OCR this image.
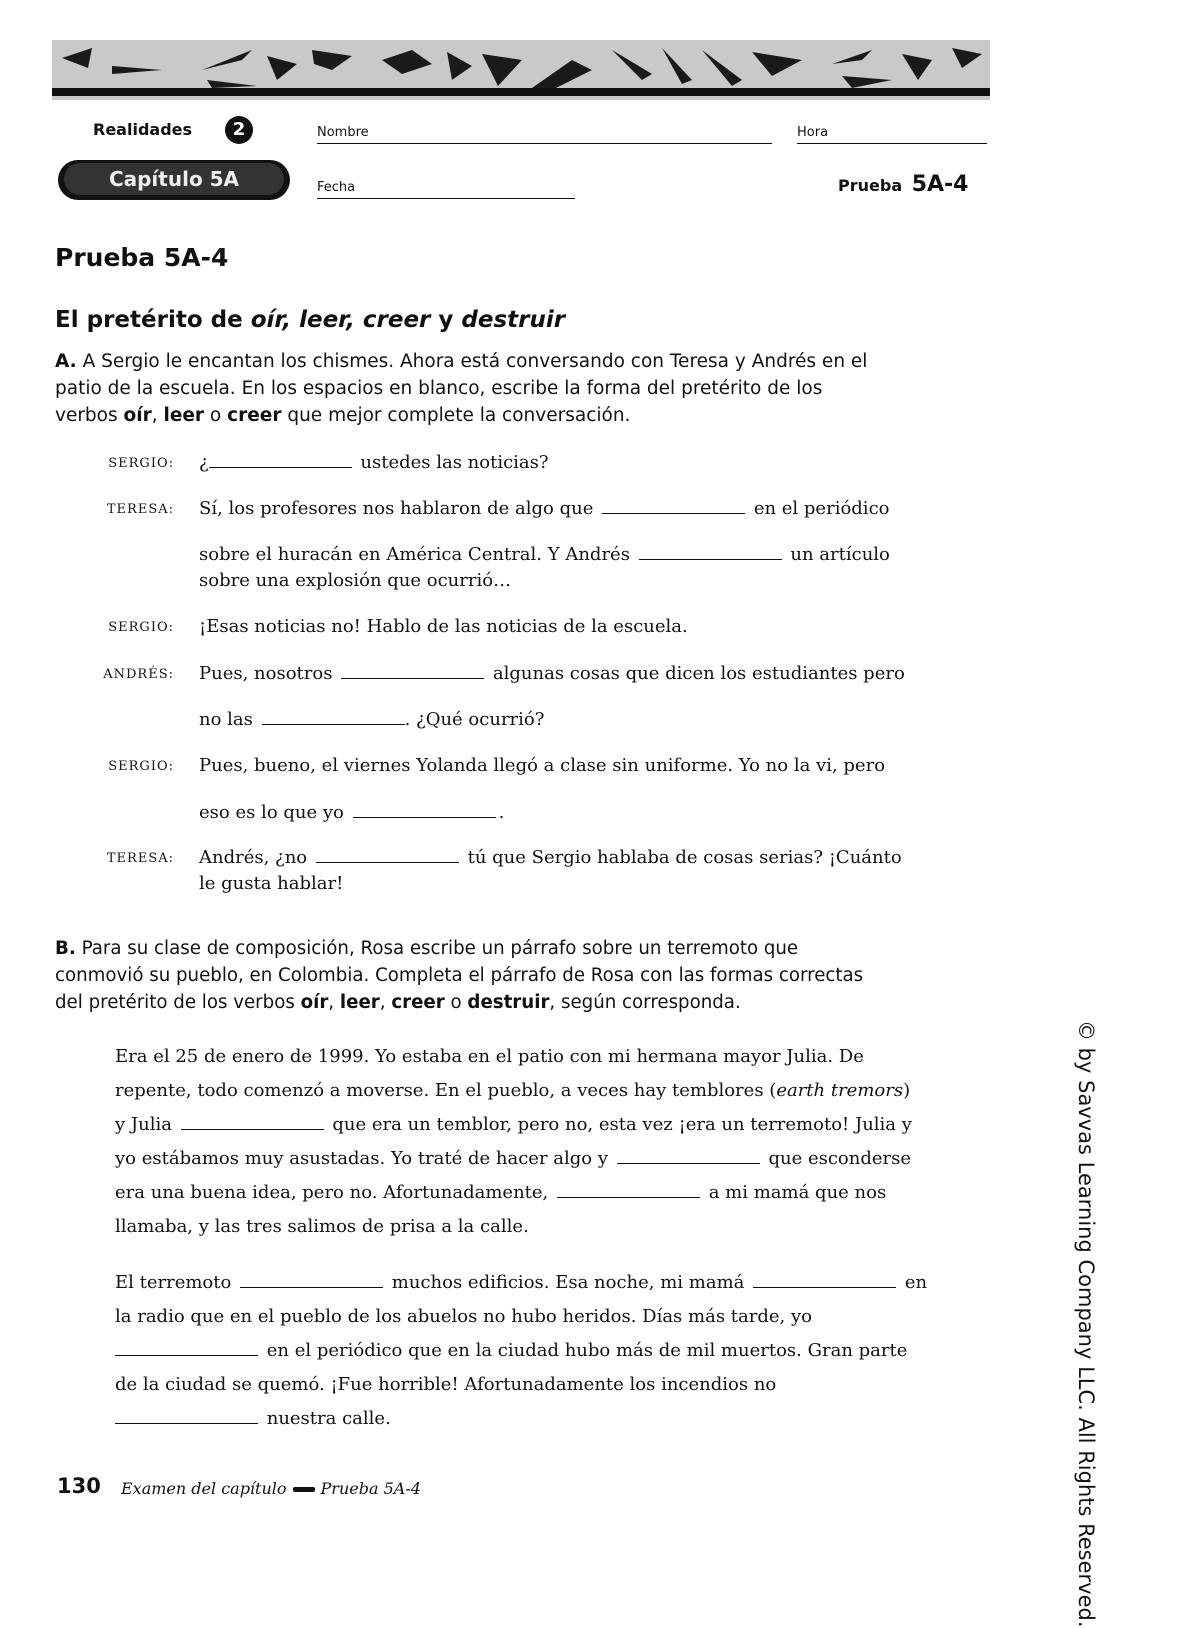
Realidades	2
Capítulo 5A
Nombre	Hora
Fecha	Prueba 5A-4
Prueba 5A-4
El pretérito de oír, leer, creer y destruir
A. A Sergio le encantan los chismes. Ahora está conversando con Teresa y Andrés en el
patio de la escuela. En los espacios en blanco, escribe la forma del pretérito de los
verbos oír, leer o creer que mejor complete la conversación.
SERGIO: ¿	ustedes las noticias?
TERESA: Sí, los profesores nos hablaron de algo que	en el periódico
sobre el huracán en América Central. Y Andrés	un artículo
sobre una explosión que ocurrió…
SERGIO: ¡Esas noticias no! Hablo de las noticias de la escuela.
ANDRÉS: Pues, nosotros	algunas cosas que dicen los estudiantes pero
no las	. ¿Qué ocurrió?
SERGIO: Pues, bueno, el viernes Yolanda llegó a clase sin uniforme. Yo no la vi, pero
eso es lo que yo	.
TERESA: Andrés, ¿no	tú que Sergio hablaba de cosas serias? ¡Cuánto
le gusta hablar!
B. Para su clase de composición, Rosa escribe un párrafo sobre un terremoto que
conmovió su pueblo, en Colombia. Completa el párrafo de Rosa con las formas correctas
del pretérito de los verbos oír, leer, creer o destruir, según corresponda.
Era el 25 de enero de 1999. Yo estaba en el patio con mi hermana mayor Julia. De
repente, todo comenzó a moverse. En el pueblo, a veces hay temblores (earth tremors)
y Julia	que era un temblor, pero no, esta vez ¡era un terremoto! Julia y
yo estábamos muy asustadas. Yo traté de hacer algo y	que esconderse
era una buena idea, pero no. Afortunadamente,	a mi mamá que nos
llamaba, y las tres salimos de prisa a la calle.
El terremoto	muchos edificios. Esa noche, mi mamá	en
la radio que en el pueblo de los abuelos no hubo heridos. Días más tarde, yo
en el periódico que en la ciudad hubo más de mil muertos. Gran parte
de la ciudad se quemó. ¡Fue horrible! Afortunadamente los incendios no
nuestra calle.
130 Examen del capítulo Prueba 5A-4	© by Savvas Learning Company LLC. All Rights Reserved.
